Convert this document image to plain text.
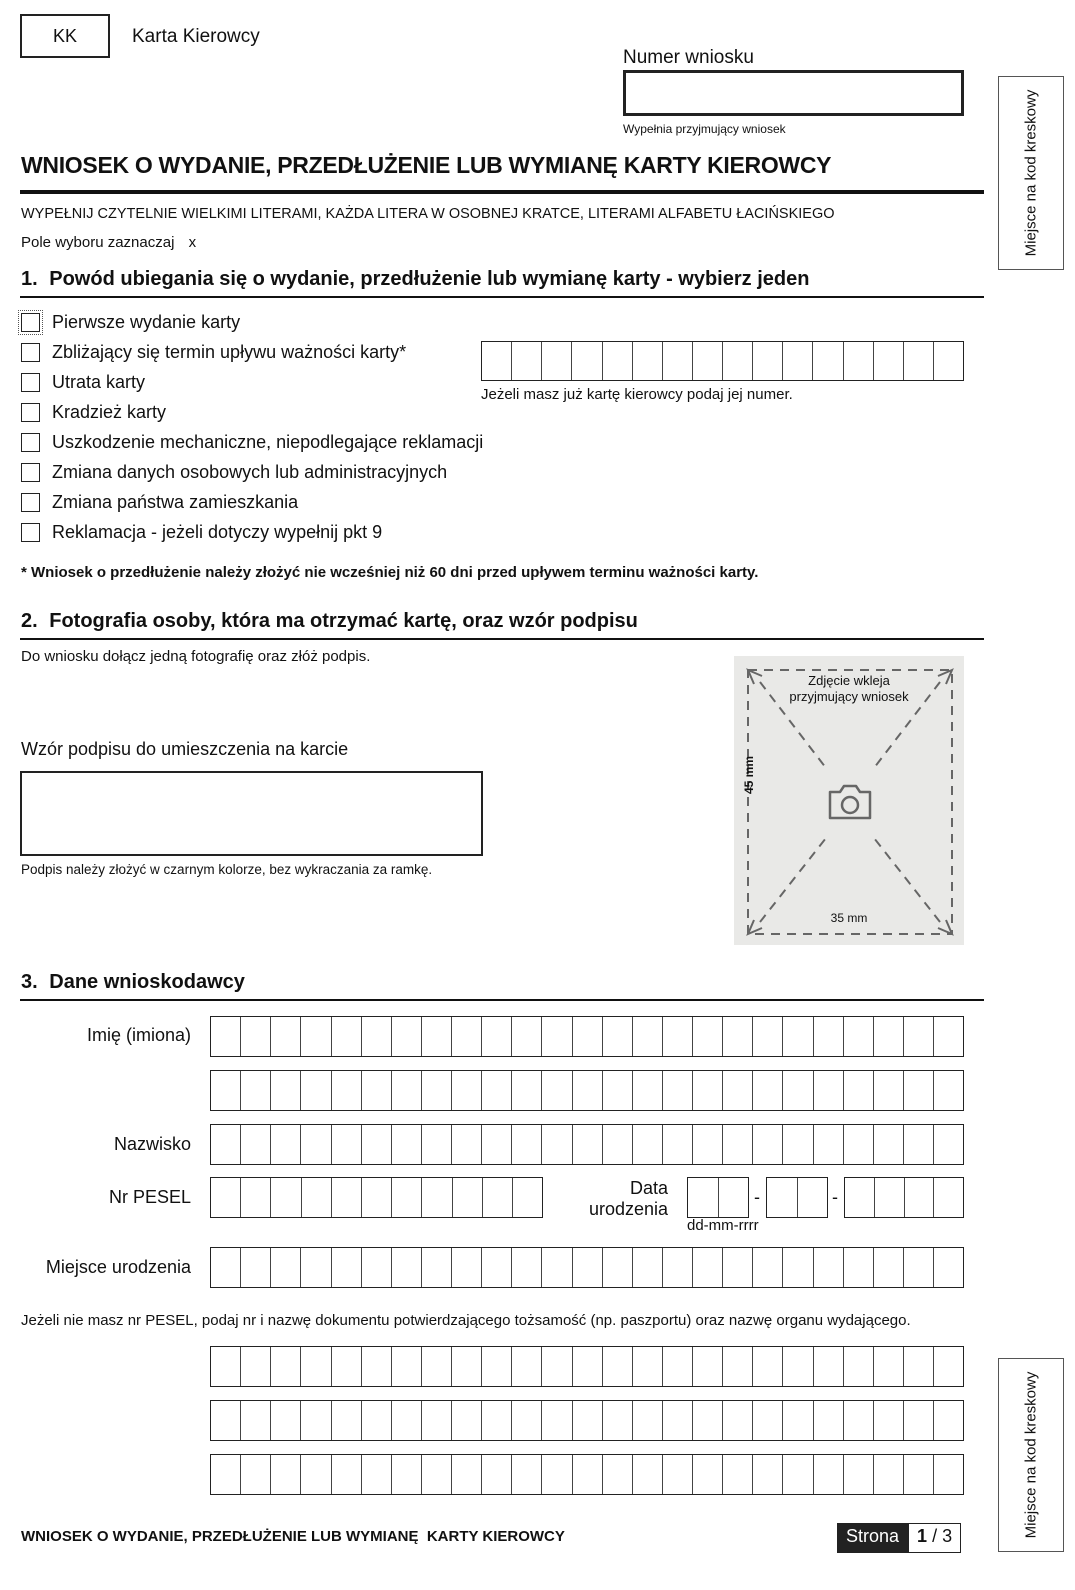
KK	Karta Kierowcy
Numer wniosku
Wypełnia przyjmujący wniosek	Miejsce na kod kreskowy
WNIOSEK O WYDANIE, PRZEDŁUŻENIE LUB WYMIANĘ KARTY KIEROWCY
WYPEŁNIJ CZYTELNIE WIELKIMI LITERAMI, KAŻDA LITERA W OSOBNEJ KRATCE, LITERAMI ALFABETU ŁACIŃSKIEGO
Pole wyboru zaznaczaj x
1. Powód ubiegania się o wydanie, przedłużenie lub wymianę karty - wybierz jeden
Pierwsze wydanie karty
Zbliżający się termin upływu ważności karty*
Utrata karty
Kradzież karty
Uszkodzenie mechaniczne, niepodlegające reklamacji
Zmiana danych osobowych lub administracyjnych
Zmiana państwa zamieszkania
Reklamacja - jeżeli dotyczy wypełnij pkt 9
Jeżeli masz już kartę kierowcy podaj jej numer.
* Wniosek o przedłużenie należy złożyć nie wcześniej niż 60 dni przed upływem terminu ważności karty.
2. Fotografia osoby, która ma otrzymać kartę, oraz wzór podpisu
Do wniosku dołącz jedną fotografię oraz złóż podpis.
Wzór podpisu do umieszczenia na karcie
Podpis należy złożyć w czarnym kolorze, bez wykraczania za ramkę.
Zdjęcie wkleja
przyjmujący wniosek
45 mm
35 mm
3. Dane wnioskodawcy
Imię (imiona)
Nazwisko
Nr PESEL	Data
urodzenia
-	-
dd-mm-rrrr
Miejsce urodzenia
Jeżeli nie masz nr PESEL, podaj nr i nazwę dokumentu potwierdzającego tożsamość (np. paszportu) oraz nazwę organu wydającego.
Miejsce na kod kreskowy
WNIOSEK O WYDANIE, PRZEDŁUŻENIE LUB WYMIANĘ  KARTY KIEROWCY	Strona	1 / 3
